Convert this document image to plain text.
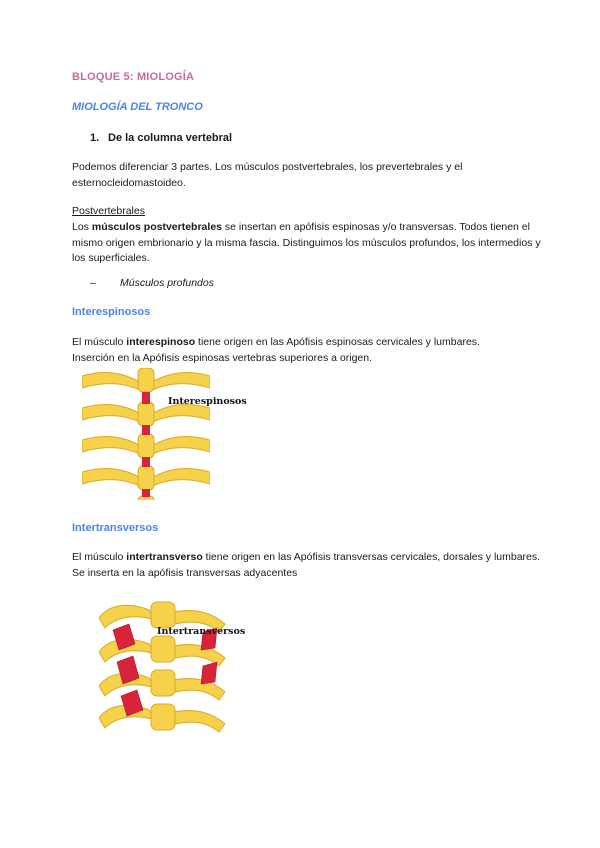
BLOQUE 5: MIOLOGÍA
MIOLOGÍA DEL TRONCO
1. De la columna vertebral
Podemos diferenciar 3 partes. Los músculos postvertebrales, los prevertebrales y el esternocleidomastoideo.
Postvertebrales
Los músculos postvertebrales se insertan en apófisis espinosas y/o transversas. Todos tienen el mismo origen embrionario y la misma fascia. Distinguimos los músculos profundos, los intermedios y los superficiales.
– Músculos profundos
Interespinosos
El músculo interespinoso tiene origen en las Apófisis espinosas cervicales y lumbares.
Inserción en la Apófisis espinosas vertebras superiores a origen.
Interespinosos
Intertransversos
El músculo intertransverso tiene origen en las Apófisis transversas cervicales, dorsales y lumbares.
Se inserta en la apófisis transversas adyacentes
Intertransversos
